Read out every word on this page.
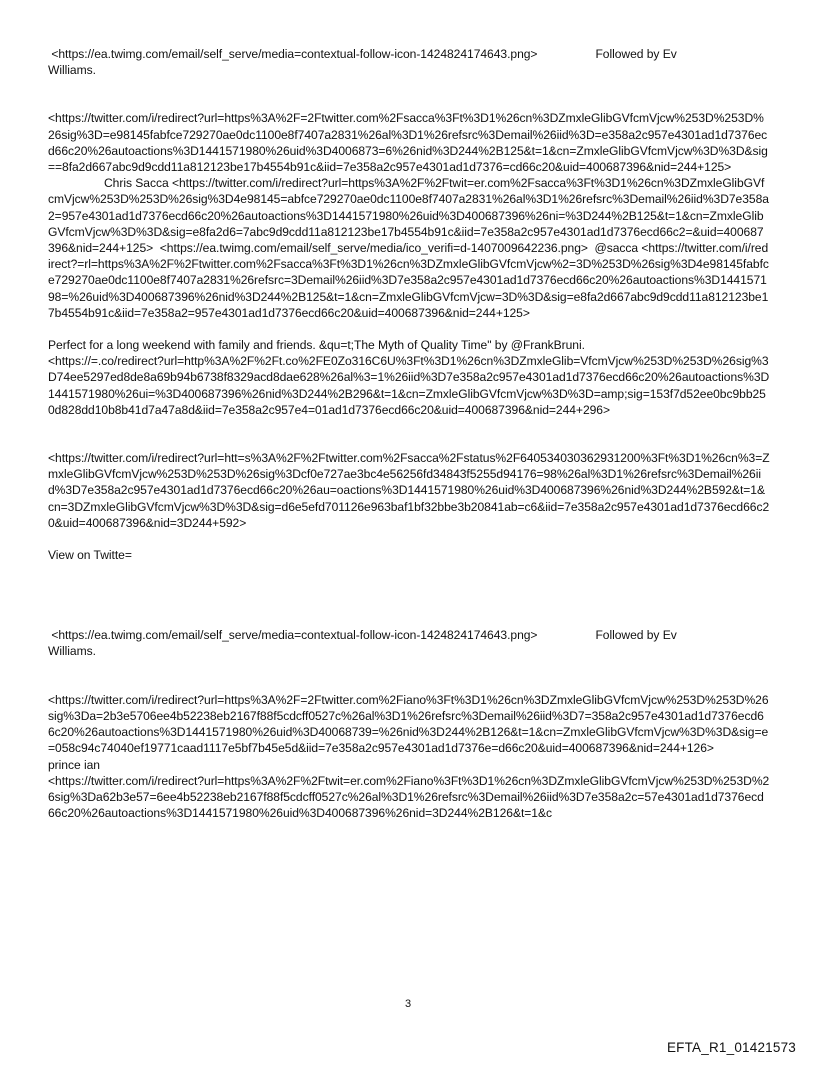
<https://ea.twimg.com/email/self_serve/media=contextual-follow-icon-1424824174643.png>	Followed by Ev
Williams.

<https://twitter.com/i/redirect?url=https%3A%2F=2Ftwitter.com%2Fsacca%3Ft%3D1%26cn%3DZmxleGlibGVfcmVjcw%253D%253D%26sig%3D=e98145fabfce729270ae0dc1100e8f7407a2831%26al%3D1%26refsrc%3Demail%26iid%3D=e358a2c957e4301ad1d7376ecd66c20%26autoactions%3D1441571980%26uid%3D4006873=6%26nid%3D244%2B125&t=1&cn=ZmxleGlibGVfcmVjcw%3D%3D&sig==8fa2d667abc9d9cdd11a812123be17b4554b91c&iid=7e358a2c957e4301ad1d7376=cd66c20&uid=400687396&nid=244+125>Chris Sacca <https://twitter.com/i/redirect?url=https%3A%2F%2Ftwit=er.com%2Fsacca%3Ft%3D1%26cn%3DZmxleGlibGVfcmVjcw%253D%253D%26sig%3D4e98145=abfce729270ae0dc1100e8f7407a2831%26al%3D1%26refsrc%3Demail%26iid%3D7e358a2=957e4301ad1d7376ecd66c20%26autoactions%3D1441571980%26uid%3D400687396%26ni=%3D244%2B125&t=1&cn=ZmxleGlibGVfcmVjcw%3D%3D&sig=e8fa2d6=7abc9d9cdd11a812123be17b4554b91c&iid=7e358a2c957e4301ad1d7376ecd66c2=&uid=400687396&nid=244+125> <https://ea.twimg.com/email/self_serve/media/ico_verifi=d-1407009642236.png> @sacca <https://twitter.com/i/redirect?=rl=https%3A%2F%2Ftwitter.com%2Fsacca%3Ft%3D1%26cn%3DZmxleGlibGVfcmVjcw%2=3D%253D%26sig%3D4e98145fabfce729270ae0dc1100e8f7407a2831%26refsrc=3Demail%26iid%3D7e358a2c957e4301ad1d7376ecd66c20%26autoactions%3D144157198=%26uid%3D400687396%26nid%3D244%2B125&t=1&cn=ZmxleGlibGVfcmVjcw=3D%3D&sig=e8fa2d667abc9d9cdd11a812123be17b4554b91c&iid=7e358a2=957e4301ad1d7376ecd66c20&uid=400687396&nid=244+125>

Perfect for a long weekend with family and friends. &qu=t;The Myth of Quality Time" by @FrankBruni.
<https://=.co/redirect?url=http%3A%2F%2Ft.co%2FE0Zo316C6U%3Ft%3D1%26cn%3DZmxleGlib=VfcmVjcw%253D%253D%26sig%3D74ee5297ed8de8a69b94b6738f8329acd8dae628%26al%3=1%26iid%3D7e358a2c957e4301ad1d7376ecd66c20%26autoactions%3D1441571980%26ui=%3D400687396%26nid%3D244%2B296&t=1&cn=ZmxleGlibGVfcmVjcw%3D%3D=amp;sig=153f7d52ee0bc9bb250d828dd10b8b41d7a47a8d&iid=7e358a2c957e4=01ad1d7376ecd66c20&uid=400687396&nid=244+296>

<https://twitter.com/i/redirect?url=htt=s%3A%2F%2Ftwitter.com%2Fsacca%2Fstatus%2F640534030362931200%3Ft%3D1%26cn%3=ZmxleGlibGVfcmVjcw%253D%253D%26sig%3Dcf0e727ae3bc4e56256fd34843f5255d94176=98%26al%3D1%26refsrc%3Demail%26iid%3D7e358a2c957e4301ad1d7376ecd66c20%26au=oactions%3D1441571980%26uid%3D400687396%26nid%3D244%2B592&t=1&cn=3DZmxleGlibGVfcmVjcw%3D%3D&sig=d6e5efd701126e963baf1bf32bbe3b20841ab=c6&iid=7e358a2c957e4301ad1d7376ecd66c20&uid=400687396&nid=3D244+592>

View on Twitte=

<https://ea.twimg.com/email/self_serve/media=contextual-follow-icon-1424824174643.png>	Followed by Ev
Williams.

<https://twitter.com/i/redirect?url=https%3A%2F=2Ftwitter.com%2Fiano%3Ft%3D1%26cn%3DZmxleGlibGVfcmVjcw%253D%253D%26sig%3Da=2b3e5706ee4b52238eb2167f88f5cdcff0527c%26al%3D1%26refsrc%3Demail%26iid%3D7=358a2c957e4301ad1d7376ecd66c20%26autoactions%3D1441571980%26uid%3D40068739=%26nid%3D244%2B126&t=1&cn=ZmxleGlibGVfcmVjcw%3D%3D&sig=e=058c94c74040ef19771caad1117e5bf7b45e5d&iid=7e358a2c957e4301ad1d7376e=d66c20&uid=400687396&nid=244+126>prince ian
<https://twitter.com/i/redirect?url=https%3A%2F%2Ftwit=er.com%2Fiano%3Ft%3D1%26cn%3DZmxleGlibGVfcmVjcw%253D%253D%26sig%3Da62b3e57=6ee4b52238eb2167f88f5cdcff0527c%26al%3D1%26refsrc%3Demail%26iid%3D7e358a2c=57e4301ad1d7376ecd66c20%26autoactions%3D1441571980%26uid%3D400687396%26nid=3D244%2B126&t=1&c

3
EFTA_R1_01421573
